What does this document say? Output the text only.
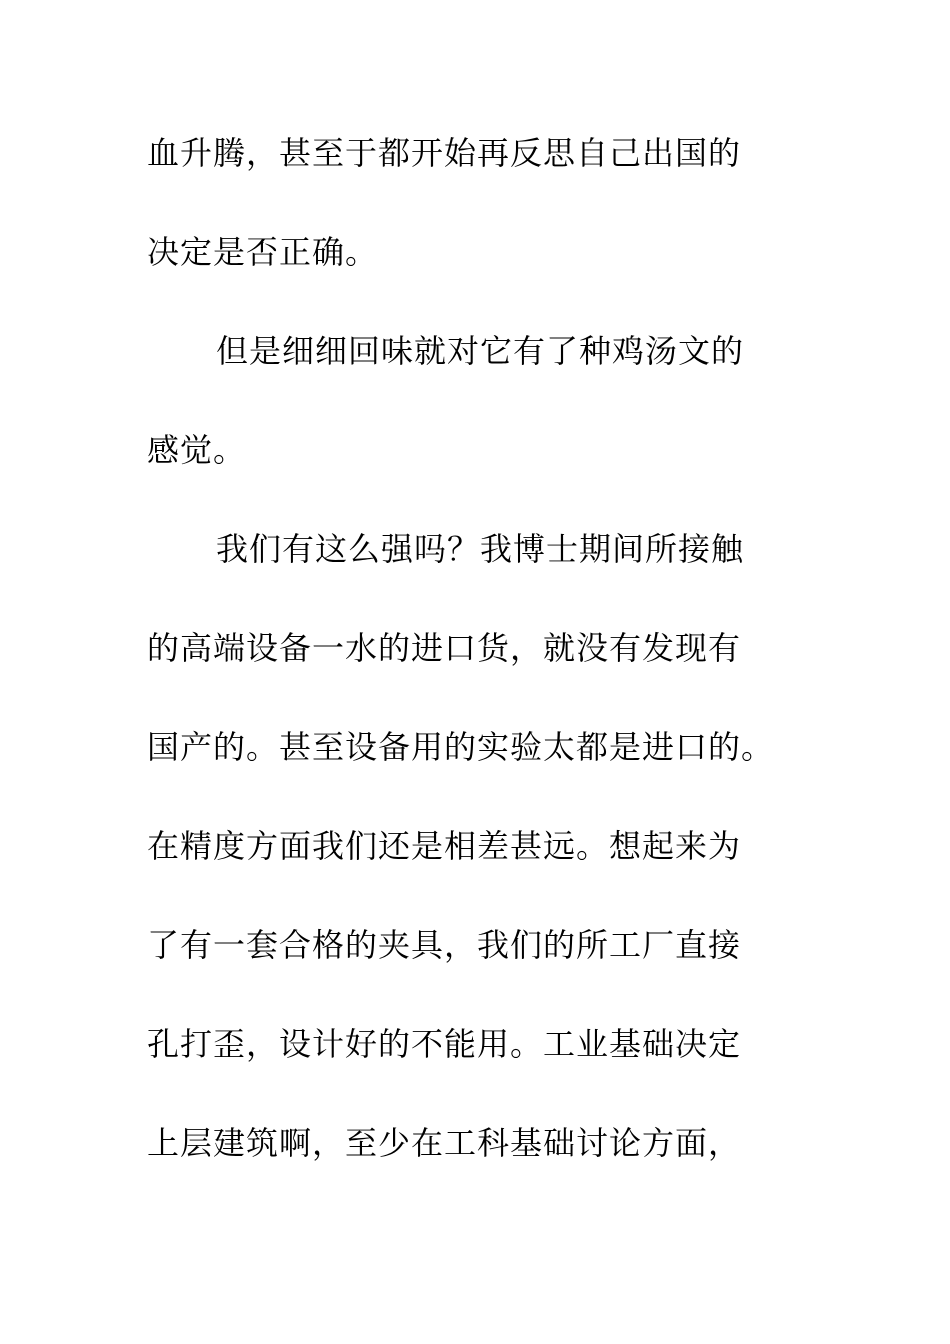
血升腾，甚至于都开始再反思自己出国的
决定是否正确。
但是细细回味就对它有了种鸡汤文的
感觉。
我们有这么强吗？我博士期间所接触
的高端设备一水的进口货，就没有发现有
国产的。甚至设备用的实验太都是进口的。
在精度方面我们还是相差甚远。想起来为
了有一套合格的夹具，我们的所工厂直接
孔打歪，设计好的不能用。工业基础决定
上层建筑啊，至少在工科基础讨论方面，
